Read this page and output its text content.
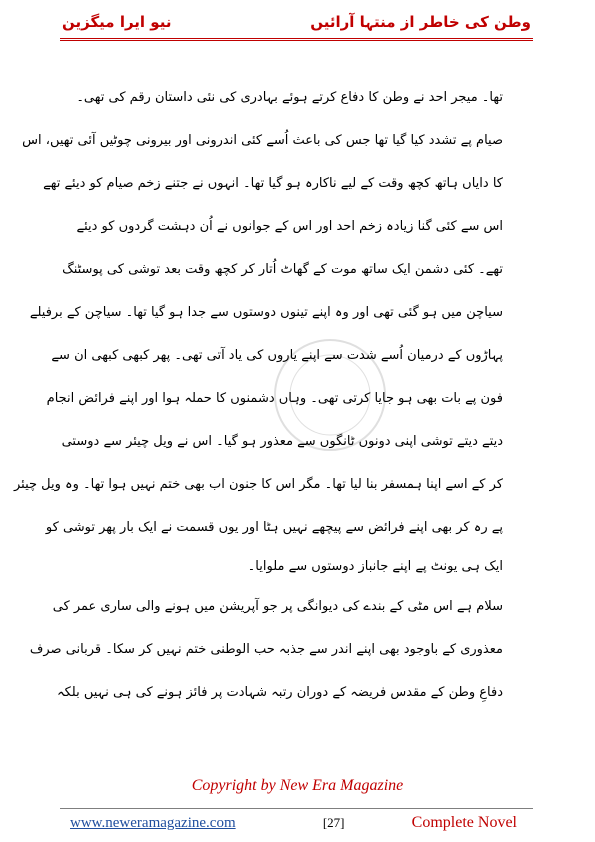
نیو ایرا میگزین	وطن کی خاطر از منتہا آرائیں
تھا۔ میجر احد نے وطن کا دفاع کرتے ہوئے بہادری کی نئی داستان رقم کی تھی۔
صیام پے تشدد کیا گیا تھا جس کی باعث اُسے کئی اندرونی اور بیرونی چوٹیں آئی تھیں، اس
کا دایاں ہاتھ کچھ وقت کے لیے ناکارہ ہو گیا تھا۔ انہوں نے جتنے زخم صیام کو دیئے تھے
اس سے کئی گنا زیادہ زخم احد اور اس کے جوانوں نے اُن دہشت گردوں کو دیئے
تھے۔ کئی دشمن ایک ساتھ موت کے گھاٹ اُتار کر کچھ وقت بعد توشی کی پوسٹنگ
سیاچن میں ہو گئی تھی اور وہ اپنے تینوں دوستوں سے جدا ہو گیا تھا۔ سیاچن کے برفیلے
پہاڑوں کے درمیان اُسے شدت سے اپنے یاروں کی یاد آتی تھی۔ پھر کبھی کبھی ان سے
فون پے بات بھی ہو جایا کرتی تھی۔ وہاں دشمنوں کا حملہ ہوا اور اپنے فرائض انجام
دیتے دیتے توشی اپنی دونوں ٹانگوں سے معذور ہو گیا۔ اس نے ویل چیئر سے دوستی
کر کے اسے اپنا ہمسفر بنا لیا تھا۔ مگر اس کا جنون اب بھی ختم نہیں ہوا تھا۔ وہ ویل چیئر
پے رہ کر بھی اپنے فرائض سے پیچھے نہیں ہٹا اور یوں قسمت نے ایک بار پھر توشی کو
ایک ہی یونٹ پے اپنے جانباز دوستوں سے ملوایا۔
سلام ہے اس مٹی کے بندے کی دیوانگی پر جو آپریشن میں ہونے والی ساری عمر کی
معذوری کے باوجود بھی اپنے اندر سے جذبہ حب الوطنی ختم نہیں کر سکا۔ قربانی صرف
دفاعِ وطن کے مقدس فریضہ کے دوران رتبہ شہادت پر فائز ہونے کی ہی نہیں بلکہ
Copyright by New Era Magazine
www.neweramagazine.com	[27]	Complete Novel
